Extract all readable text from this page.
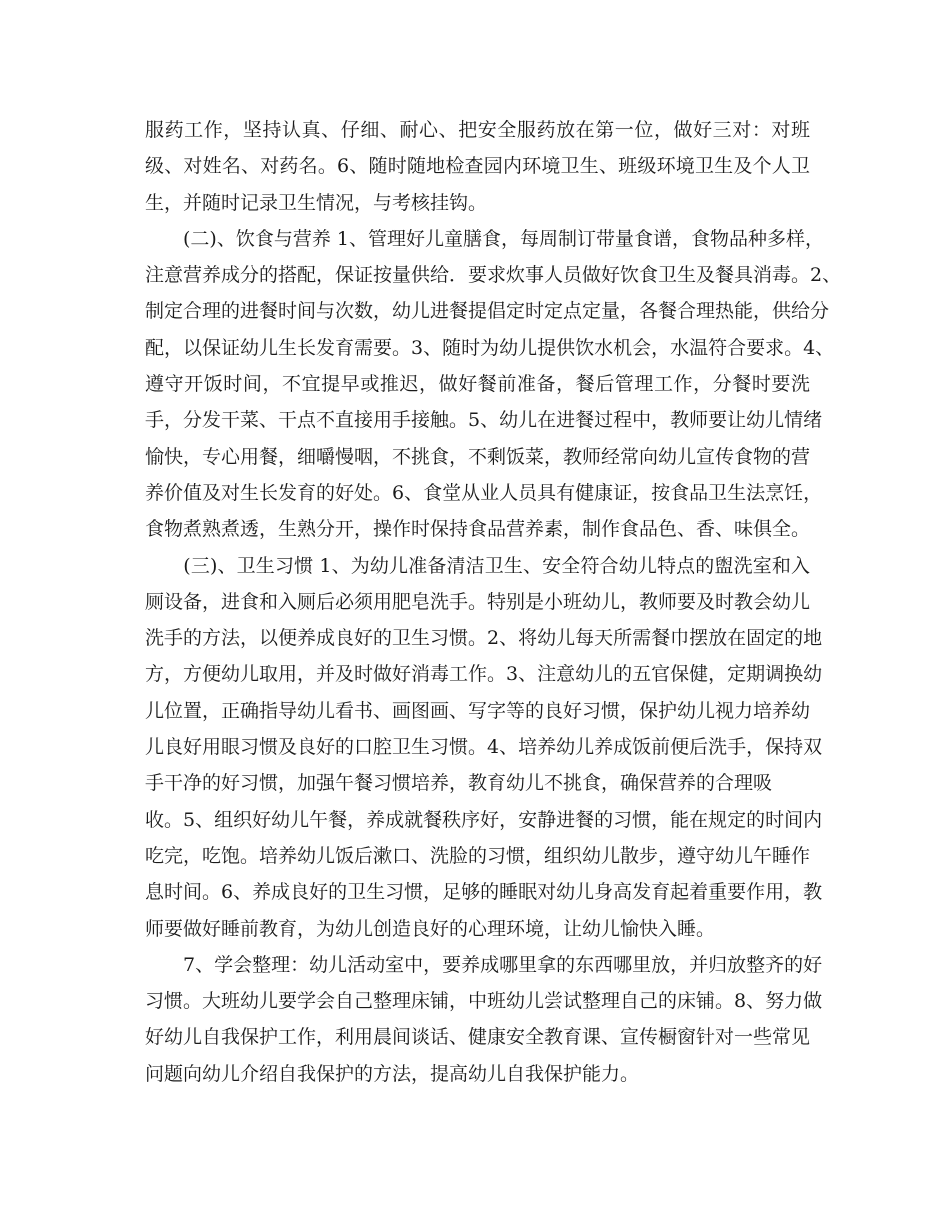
服药工作，坚持认真、仔细、耐心、把安全服药放在第一位，做好三对：对班
级、对姓名、对药名。6、随时随地检查园内环境卫生、班级环境卫生及个人卫
生，并随时记录卫生情况，与考核挂钩。
　　(二)、饮食与营养 1、管理好儿童膳食，每周制订带量食谱，食物品种多样，
注意营养成分的搭配，保证按量供给．要求炊事人员做好饮食卫生及餐具消毒。2、
制定合理的进餐时间与次数，幼儿进餐提倡定时定点定量，各餐合理热能，供给分
配，以保证幼儿生长发育需要。3、随时为幼儿提供饮水机会，水温符合要求。4、
遵守开饭时间，不宜提早或推迟，做好餐前准备，餐后管理工作，分餐时要洗
手，分发干菜、干点不直接用手接触。5、幼儿在进餐过程中，教师要让幼儿情绪
愉快，专心用餐，细嚼慢咽，不挑食，不剩饭菜，教师经常向幼儿宣传食物的营
养价值及对生长发育的好处。6、食堂从业人员具有健康证，按食品卫生法烹饪，
食物煮熟煮透，生熟分开，操作时保持食品营养素，制作食品色、香、味俱全。
　　(三)、卫生习惯 1、为幼儿准备清洁卫生、安全符合幼儿特点的盥洗室和入
厕设备，进食和入厕后必须用肥皂洗手。特别是小班幼儿，教师要及时教会幼儿
洗手的方法，以便养成良好的卫生习惯。2、将幼儿每天所需餐巾摆放在固定的地
方，方便幼儿取用，并及时做好消毒工作。3、注意幼儿的五官保健，定期调换幼
儿位置，正确指导幼儿看书、画图画、写字等的良好习惯，保护幼儿视力培养幼
儿良好用眼习惯及良好的口腔卫生习惯。4、培养幼儿养成饭前便后洗手，保持双
手干净的好习惯，加强午餐习惯培养，教育幼儿不挑食，确保营养的合理吸
收。5、组织好幼儿午餐，养成就餐秩序好，安静进餐的习惯，能在规定的时间内
吃完，吃饱。培养幼儿饭后漱口、洗脸的习惯，组织幼儿散步，遵守幼儿午睡作
息时间。6、养成良好的卫生习惯，足够的睡眠对幼儿身高发育起着重要作用，教
师要做好睡前教育，为幼儿创造良好的心理环境，让幼儿愉快入睡。
　　7、学会整理：幼儿活动室中，要养成哪里拿的东西哪里放，并归放整齐的好
习惯。大班幼儿要学会自己整理床铺，中班幼儿尝试整理自己的床铺。8、努力做
好幼儿自我保护工作，利用晨间谈话、健康安全教育课、宣传橱窗针对一些常见
问题向幼儿介绍自我保护的方法，提高幼儿自我保护能力。
